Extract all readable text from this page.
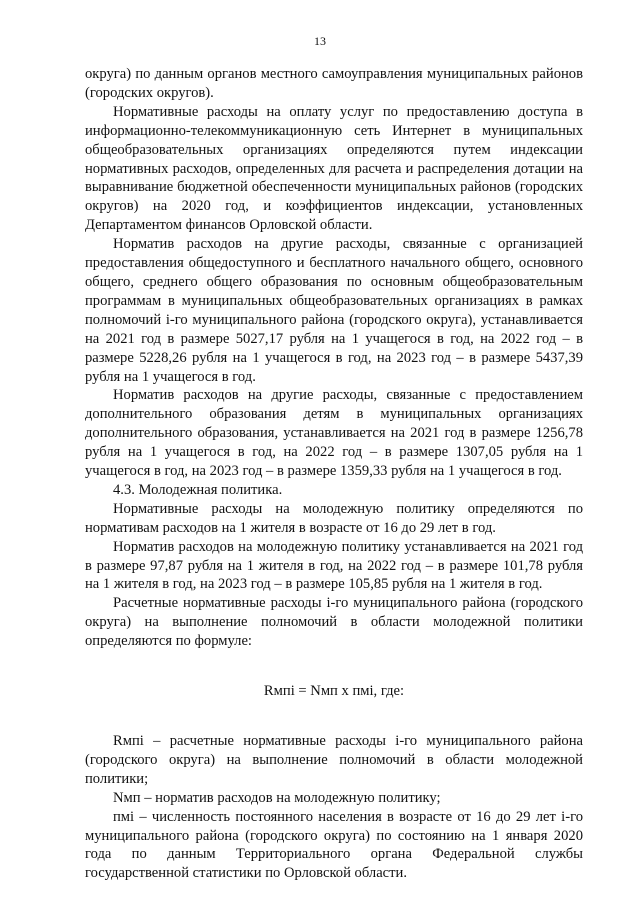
13

округа) по данным органов местного самоуправления муниципальных районов (городских округов).

Нормативные расходы на оплату услуг по предоставлению доступа в информационно-телекоммуникационную сеть Интернет в муниципальных общеобразовательных организациях определяются путем индексации нормативных расходов, определенных для расчета и распределения дотации на выравнивание бюджетной обеспеченности муниципальных районов (городских округов) на 2020 год, и коэффициентов индексации, установленных Департаментом финансов Орловской области.

Норматив расходов на другие расходы, связанные с организацией предоставления общедоступного и бесплатного начального общего, основного общего, среднего общего образования по основным общеобразовательным программам в муниципальных общеобразовательных организациях в рамках полномочий i-го муниципального района (городского округа), устанавливается на 2021 год в размере 5027,17 рубля на 1 учащегося в год, на 2022 год – в размере 5228,26 рубля на 1 учащегося в год, на 2023 год – в размере 5437,39 рубля на 1 учащегося в год.

Норматив расходов на другие расходы, связанные с предоставлением дополнительного образования детям в муниципальных организациях дополнительного образования, устанавливается на 2021 год в размере 1256,78 рубля на 1 учащегося в год, на 2022 год – в размере 1307,05 рубля на 1 учащегося в год, на 2023 год – в размере 1359,33 рубля на 1 учащегося в год.

4.3. Молодежная политика.

Нормативные расходы на молодежную политику определяются по нормативам расходов на 1 жителя в возрасте от 16 до 29 лет в год.

Норматив расходов на молодежную политику устанавливается на 2021 год в размере 97,87 рубля на 1 жителя в год, на 2022 год – в размере 101,78 рубля на 1 жителя в год, на 2023 год – в размере 105,85 рубля на 1 жителя в год.

Расчетные нормативные расходы i-го муниципального района (городского округа) на выполнение полномочий в области молодежной политики определяются по формуле:

Rмпi = Nмп x пмi, где:

Rмпi – расчетные нормативные расходы i-го муниципального района (городского округа) на выполнение полномочий в области молодежной политики;

Nмп – норматив расходов на молодежную политику;

пмi – численность постоянного населения в возрасте от 16 до 29 лет i-го муниципального района (городского округа) по состоянию на 1 января 2020 года по данным Территориального органа Федеральной службы государственной статистики по Орловской области.
